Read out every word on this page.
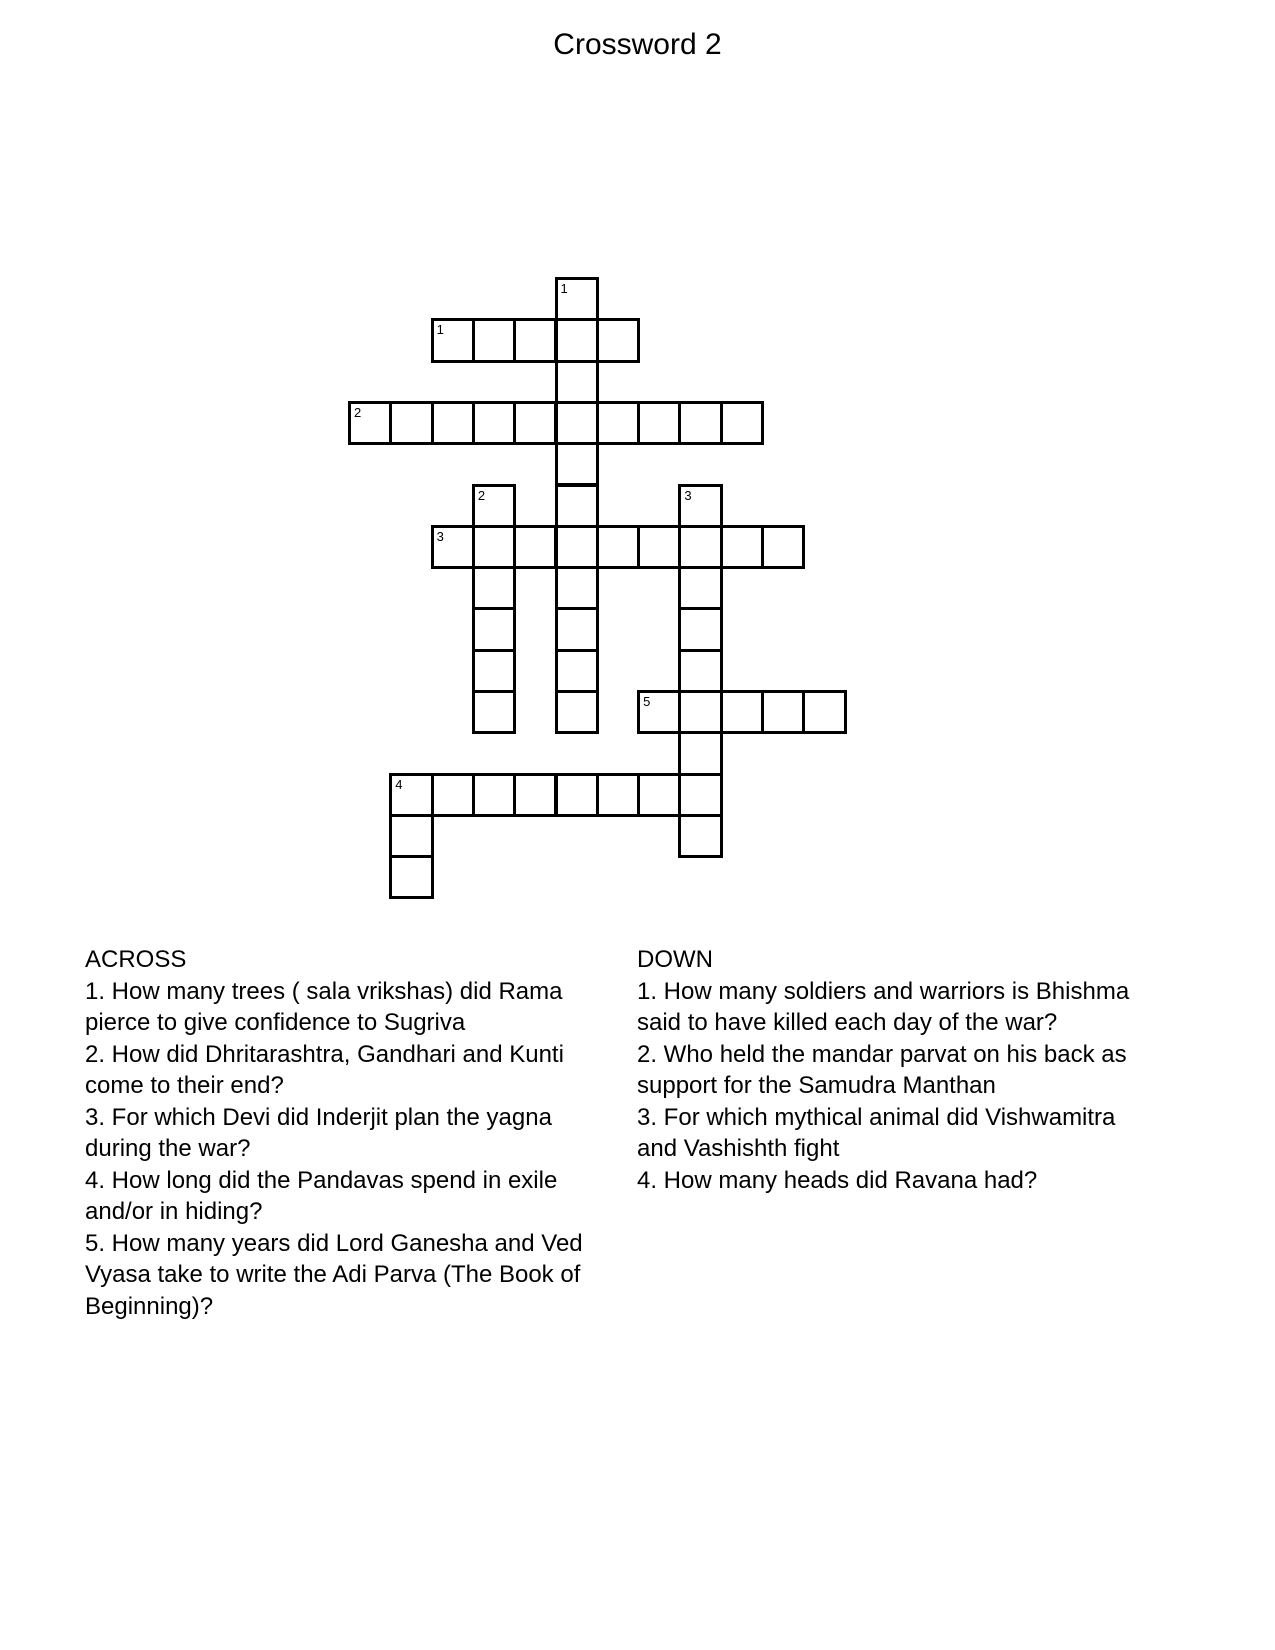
Crossword 2
1
1
2
2	3
3
5
4
ACROSS
1. How many trees ( sala vrikshas) did Rama
pierce to give confidence to Sugriva
2. How did Dhritarashtra, Gandhari and Kunti
come to their end?
3. For which Devi did Inderjit plan the yagna
during the war?
4. How long did the Pandavas spend in exile
and/or in hiding?
5. How many years did Lord Ganesha and Ved
Vyasa take to write the Adi Parva (The Book of
Beginning)?
DOWN
1. How many soldiers and warriors is Bhishma
said to have killed each day of the war?
2. Who held the mandar parvat on his back as
support for the Samudra Manthan
3. For which mythical animal did Vishwamitra
and Vashishth fight
4. How many heads did Ravana had?
